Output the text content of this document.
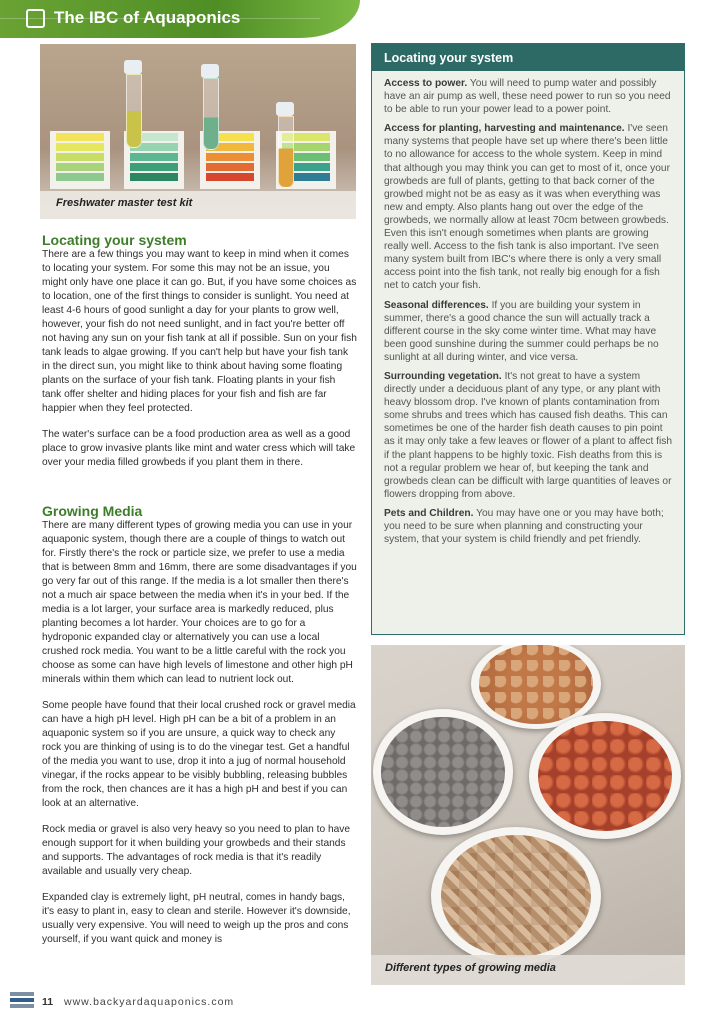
The IBC of Aquaponics
Freshwater master test kit
Locating your system

There are a few things you may want to keep in mind when it comes to locating your system. For some this may not be an issue, you might only have one place it can go. But, if you have some choices as to location, one of the first things to consider is sunlight. You need at least 4-6 hours of good sunlight a day for your plants to grow well, however, your fish do not need sunlight, and in fact you're better off not having any sun on your fish tank at all if possible. Sun on your fish tank leads to algae growing. If you can't help but have your fish tank in the direct sun, you might like to think about having some floating plants on the surface of your fish tank. Floating plants in your fish tank offer shelter and hiding places for your fish and fish are far happier when they feel protected.

The water's surface can be a food production area as well as a good place to grow invasive plants like mint and water cress which will take over your media filled growbeds if you plant them in there.

Growing Media

There are many different types of growing media you can use in your aquaponic system, though there are a couple of things to watch out for. Firstly there's the rock or particle size, we prefer to use a media that is between 8mm and 16mm, there are some disadvantages if you go very far out of this range. If the media is a lot smaller then there's not a much air space between the media when it's in your bed. If the media is a lot larger, your surface area is markedly reduced, plus planting becomes a lot harder. Your choices are to go for a hydroponic expanded clay or alternatively you can use a local crushed rock media. You want to be a little careful with the rock you choose as some can have high levels of limestone and other high pH minerals within them which can lead to nutrient lock out.

Some people have found that their local crushed rock or gravel media can have a high pH level. High pH can be a bit of a problem in an aquaponic system so if you are unsure, a quick way to check any rock you are thinking of using is to do the vinegar test. Get a handful of the media you want to use, drop it into a jug of normal household vinegar, if the rocks appear to be visibly bubbling, releasing bubbles from the rock, then chances are it has a high pH and best if you can look at an alternative.

Rock media or gravel is also very heavy so you need to plan to have enough support for it when building your growbeds and their stands and supports. The advantages of rock media is that it's readily available and usually very cheap.

Expanded clay is extremely light, pH neutral, comes in handy bags, it's easy to plant in, easy to clean and sterile. However it's downside, usually very expensive. You will need to weigh up the pros and cons yourself, if you want quick and money is

Locating your system

Access to power. You will need to pump water and possibly have an air pump as well, these need power to run so you need to be able to run your power lead to a power point.

Access for planting, harvesting and maintenance. I've seen many systems that people have set up where there's been little to no allowance for access to the whole system. Keep in mind that although you may think you can get to most of it, once your growbeds are full of plants, getting to that back corner of the growbed might not be as easy as it was when everything was new and empty. Also plants hang out over the edge of the growbeds, we normally allow at least 70cm between growbeds. Even this isn't enough sometimes when plants are growing really well. Access to the fish tank is also important. I've seen many system built from IBC's where there is only a very small access point into the fish tank, not really big enough for a fish net to catch your fish.

Seasonal differences. If you are building your system in summer, there's a good chance the sun will actually track a different course in the sky come winter time. What may have been good sunshine during the summer could perhaps be no sunlight at all during winter, and vice versa.

Surrounding vegetation. It's not great to have a system directly under a deciduous plant of any type, or any plant with heavy blossom drop. I've known of plants contamination from some shrubs and trees which has caused fish deaths. This can sometimes be one of the harder fish death causes to pin point as it may only take a few leaves or flower of a plant to affect fish if the plant happens to be highly toxic. Fish deaths from this is not a regular problem we hear of, but keeping the tank and growbeds clean can be difficult with large quantities of leaves or flowers dropping from above.

Pets and Children. You may have one or you may have both; you need to be sure when planning and constructing your system, that your system is child friendly and pet friendly.

Different types of growing media
11 www.backyardaquaponics.com
